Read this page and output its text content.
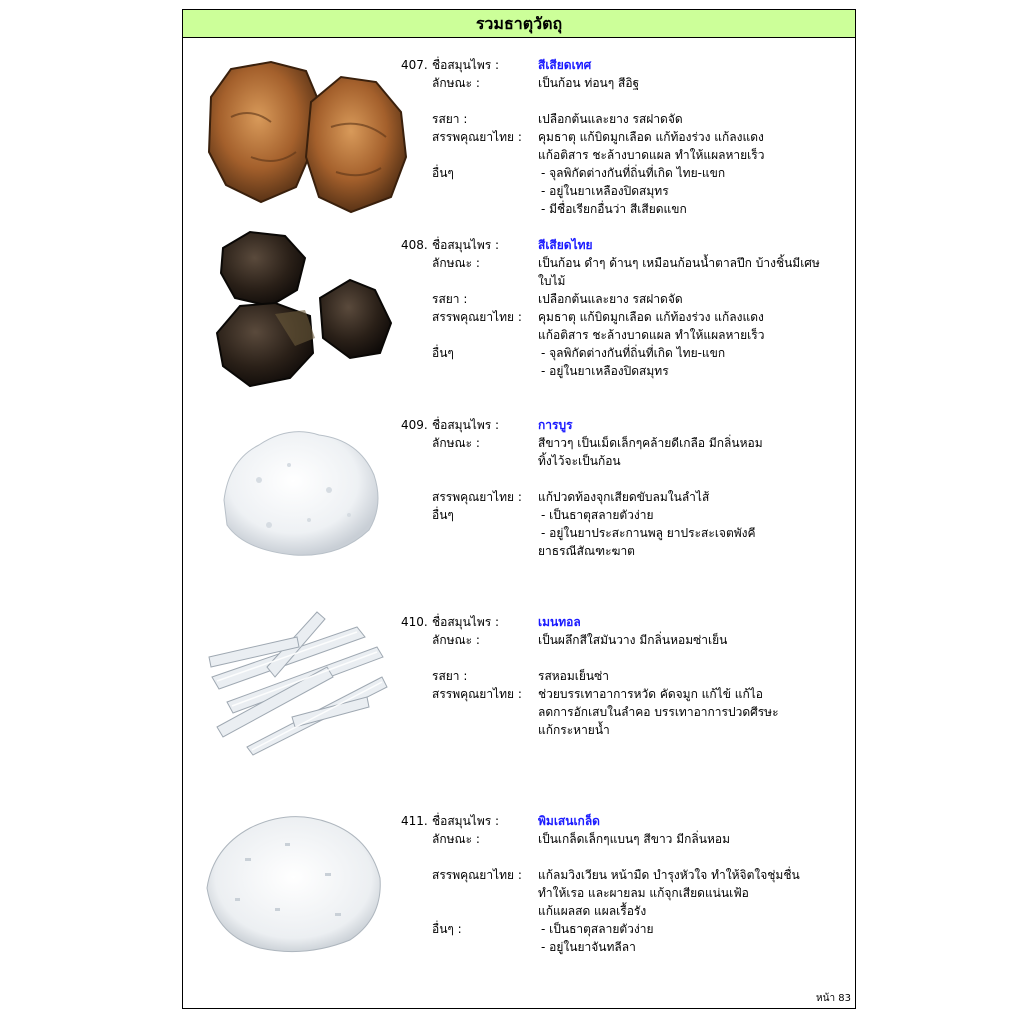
รวมธาตุวัตถุ
407. ชื่อสมุนไพร :	สีเสียดเทศ
ลักษณะ :	เป็นก้อน ท่อนๆ สีอิฐ
รสยา :	เปลือกต้นและยาง รสฝาดจัด
สรรพคุณยาไทย : คุมธาตุ แก้บิดมูกเลือด แก้ท้องร่วง แก้ลงแดง
แก้อติสาร ชะล้างบาดแผล ทำให้แผลหายเร็ว
อื่นๆ	- จุลพิกัดต่างกันที่ถิ่นที่เกิด ไทย-แขก
- อยู่ในยาเหลืองปิดสมุทร
- มีชื่อเรียกอื่นว่า สีเสียดแขก
408. ชื่อสมุนไพร :	สีเสียดไทย
ลักษณะ :	เป็นก้อน ดำๆ ด้านๆ เหมือนก้อนน้ำตาลปึก บ้างชิ้นมีเศษ
ใบไม้
รสยา :	เปลือกต้นและยาง รสฝาดจัด
สรรพคุณยาไทย : คุมธาตุ แก้บิดมูกเลือด แก้ท้องร่วง แก้ลงแดง
แก้อติสาร ชะล้างบาดแผล ทำให้แผลหายเร็ว
อื่นๆ	- จุลพิกัดต่างกันที่ถิ่นที่เกิด ไทย-แขก
- อยู่ในยาเหลืองปิดสมุทร
409. ชื่อสมุนไพร :	การบูร
ลักษณะ :	สีขาวๆ เป็นเม็ดเล็กๆคล้ายดีเกลือ มีกลิ่นหอม
ทิ้งไว้จะเป็นก้อน
สรรพคุณยาไทย : แก้ปวดท้องจุกเสียดขับลมในลำไส้
อื่นๆ	- เป็นธาตุสลายตัวง่าย
- อยู่ในยาประสะกานพลู ยาประสะเจตพังคี
ยาธรณีสัณฑะฆาต
410. ชื่อสมุนไพร :	เมนทอล
ลักษณะ :	เป็นผลึกสีใสมันวาง มีกลิ่นหอมซ่าเย็น
รสยา :	รสหอมเย็นซ่า
สรรพคุณยาไทย : ช่วยบรรเทาอาการหวัด คัดจมูก แก้ไข้ แก้ไอ
ลดการอักเสบในลำคอ บรรเทาอาการปวดศีรษะ
แก้กระหายน้ำ
411. ชื่อสมุนไพร :	พิมเสนเกล็ด
ลักษณะ :	เป็นเกล็ดเล็กๆแบนๆ สีขาว มีกลิ่นหอม
สรรพคุณยาไทย : แก้ลมวิงเวียน หน้ามืด บำรุงหัวใจ ทำให้จิตใจชุ่มชื่น
ทำให้เรอ และผายลม แก้จุกเสียดแน่นเฟ้อ
แก้แผลสด แผลเรื้อรัง
อื่นๆ :	- เป็นธาตุสลายตัวง่าย
- อยู่ในยาจันทลีลา
หน้า 83
